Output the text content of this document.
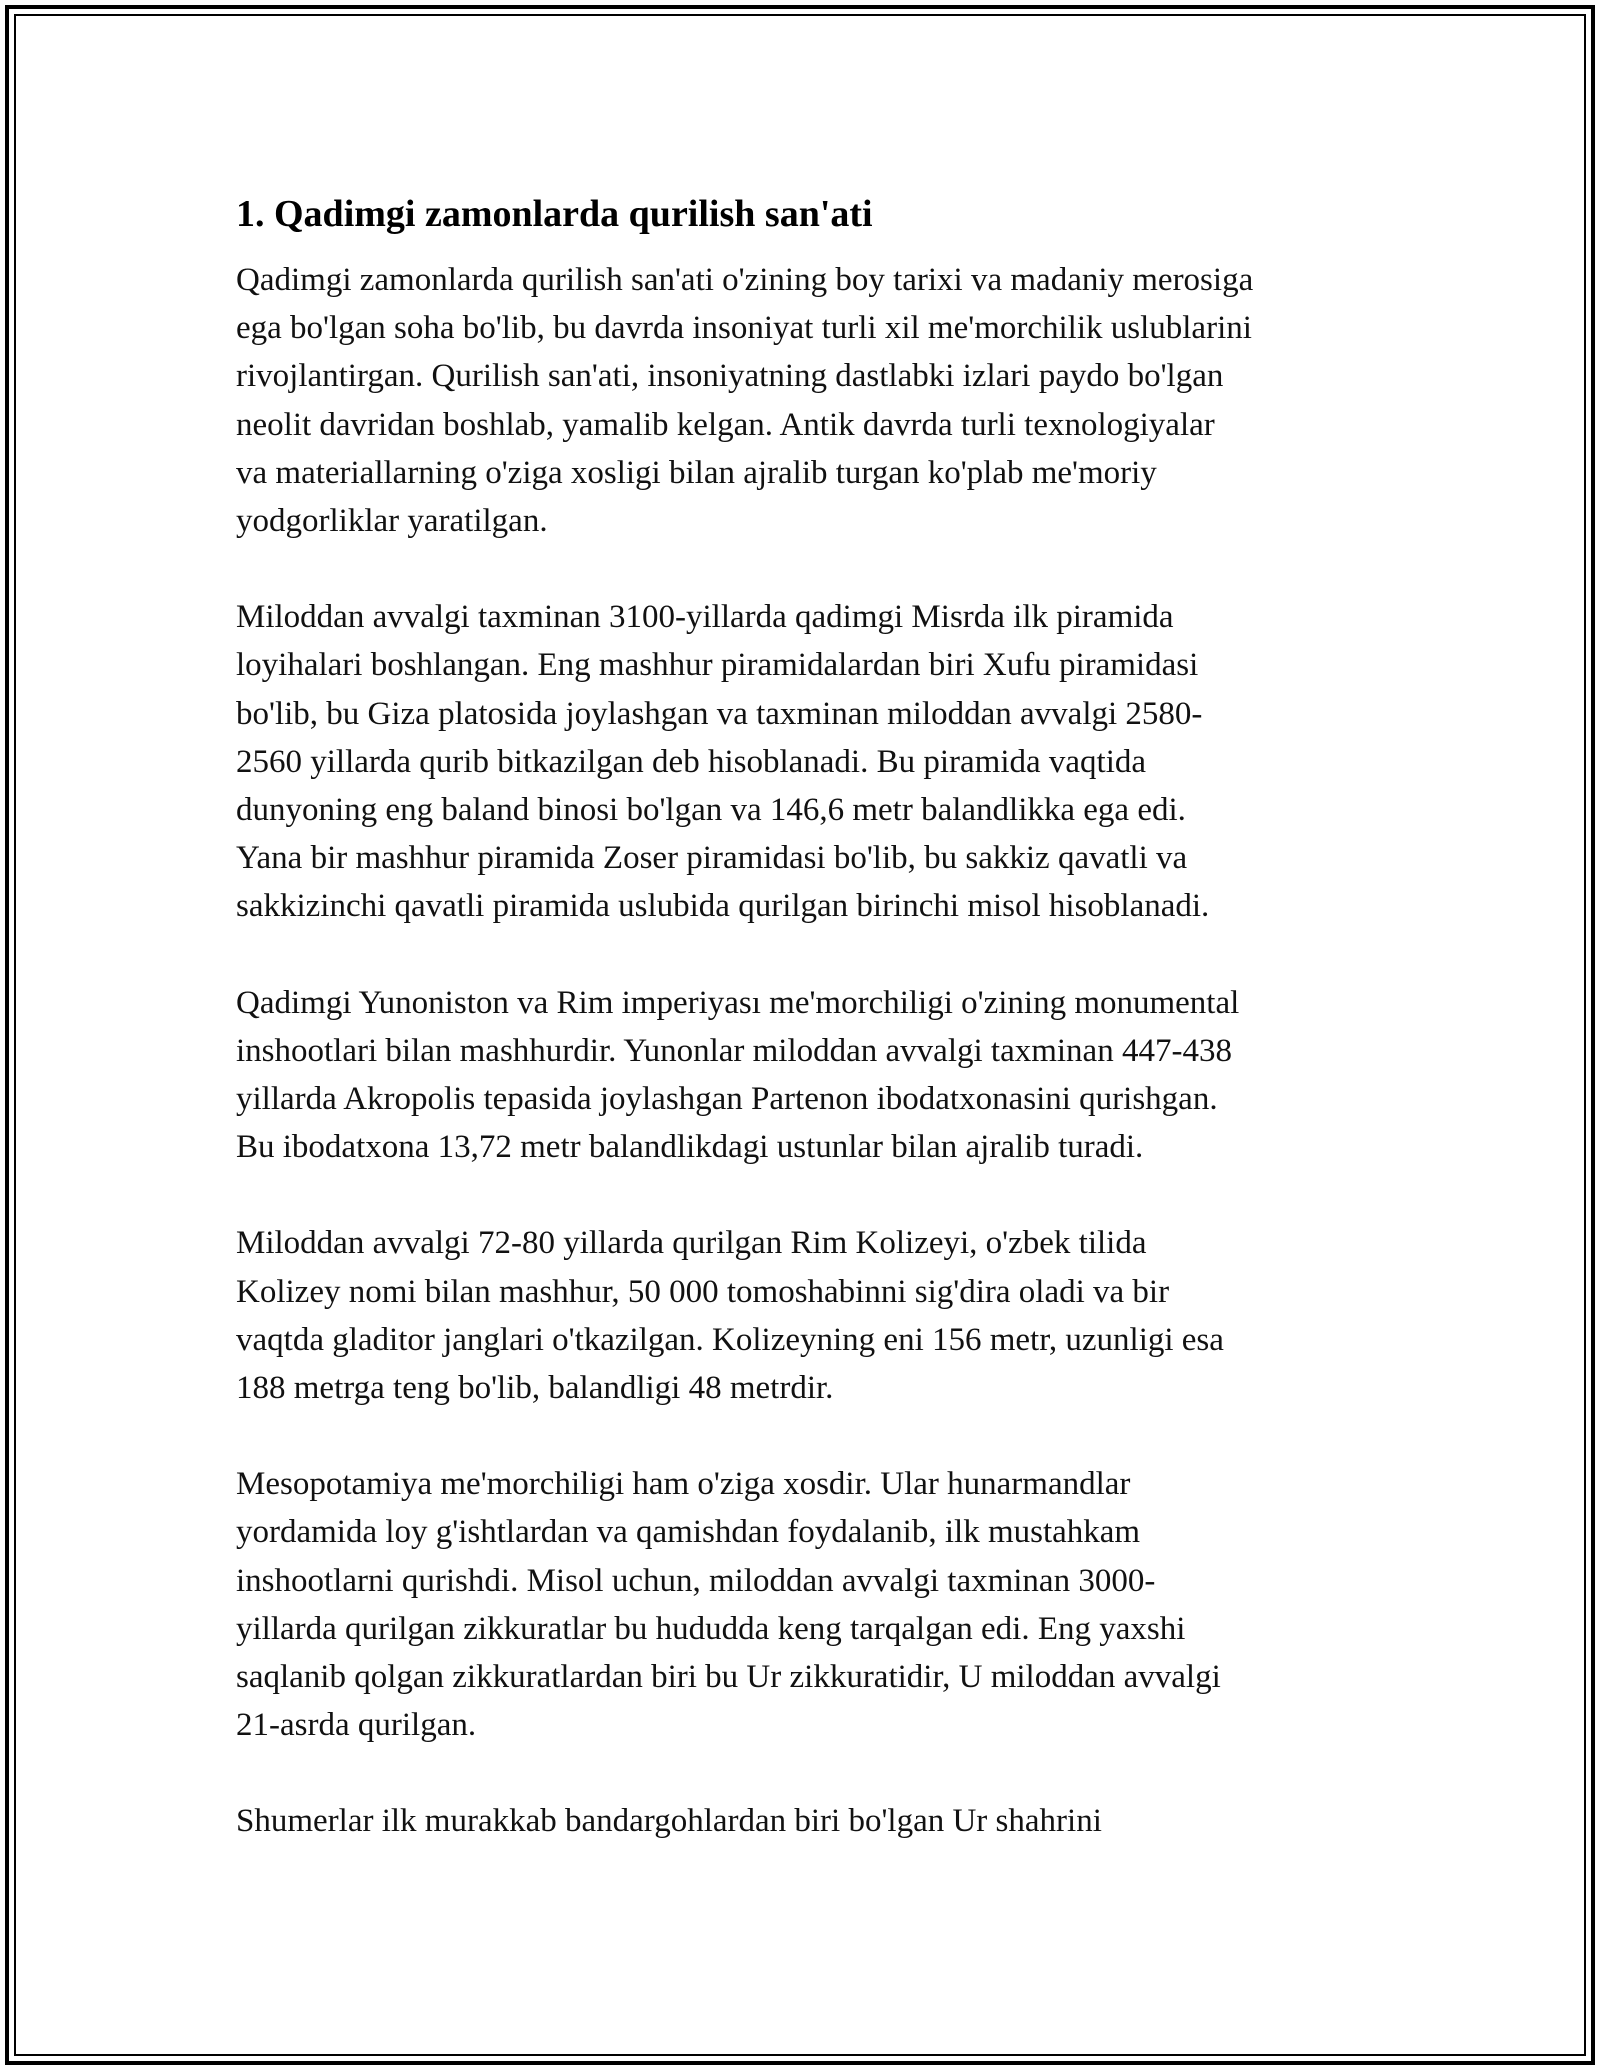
1. Qadimgi zamonlarda qurilish san'ati

Qadimgi zamonlarda qurilish san'ati o'zining boy tarixi va madaniy merosiga
ega bo'lgan soha bo'lib, bu davrda insoniyat turli xil me'morchilik uslublarini
rivojlantirgan. Qurilish san'ati, insoniyatning dastlabki izlari paydo bo'lgan
neolit davridan boshlab, yamalib kelgan. Antik davrda turli texnologiyalar
va materiallarning o'ziga xosligi bilan ajralib turgan ko'plab me'moriy
yodgorliklar yaratilgan.

Miloddan avvalgi taxminan 3100-yillarda qadimgi Misrda ilk piramida
loyihalari boshlangan. Eng mashhur piramidalardan biri Xufu piramidasi
bo'lib, bu Giza platosida joylashgan va taxminan miloddan avvalgi 2580-
2560 yillarda qurib bitkazilgan deb hisoblanadi. Bu piramida vaqtida
dunyoning eng baland binosi bo'lgan va 146,6 metr balandlikka ega edi.
Yana bir mashhur piramida Zoser piramidasi bo'lib, bu sakkiz qavatli va
sakkizinchi qavatli piramida uslubida qurilgan birinchi misol hisoblanadi.

Qadimgi Yunoniston va Rim imperiyası me'morchiligi o'zining monumental
inshootlari bilan mashhurdir. Yunonlar miloddan avvalgi taxminan 447-438
yillarda Akropolis tepasida joylashgan Partenon ibodatxonasini qurishgan.
Bu ibodatxona 13,72 metr balandlikdagi ustunlar bilan ajralib turadi.

Miloddan avvalgi 72-80 yillarda qurilgan Rim Kolizeyi, o'zbek tilida
Kolizey nomi bilan mashhur, 50 000 tomoshabinni sig'dira oladi va bir
vaqtda gladitor janglari o'tkazilgan. Kolizeyning eni 156 metr, uzunligi esa
188 metrga teng bo'lib, balandligi 48 metrdir.

Mesopotamiya me'morchiligi ham o'ziga xosdir. Ular hunarmandlar
yordamida loy g'ishtlardan va qamishdan foydalanib, ilk mustahkam
inshootlarni qurishdi. Misol uchun, miloddan avvalgi taxminan 3000-
yillarda qurilgan zikkuratlar bu hududda keng tarqalgan edi. Eng yaxshi
saqlanib qolgan zikkuratlardan biri bu Ur zikkuratidir, U miloddan avvalgi
21-asrda qurilgan.

Shumerlar ilk murakkab bandargohlardan biri bo'lgan Ur shahrini
